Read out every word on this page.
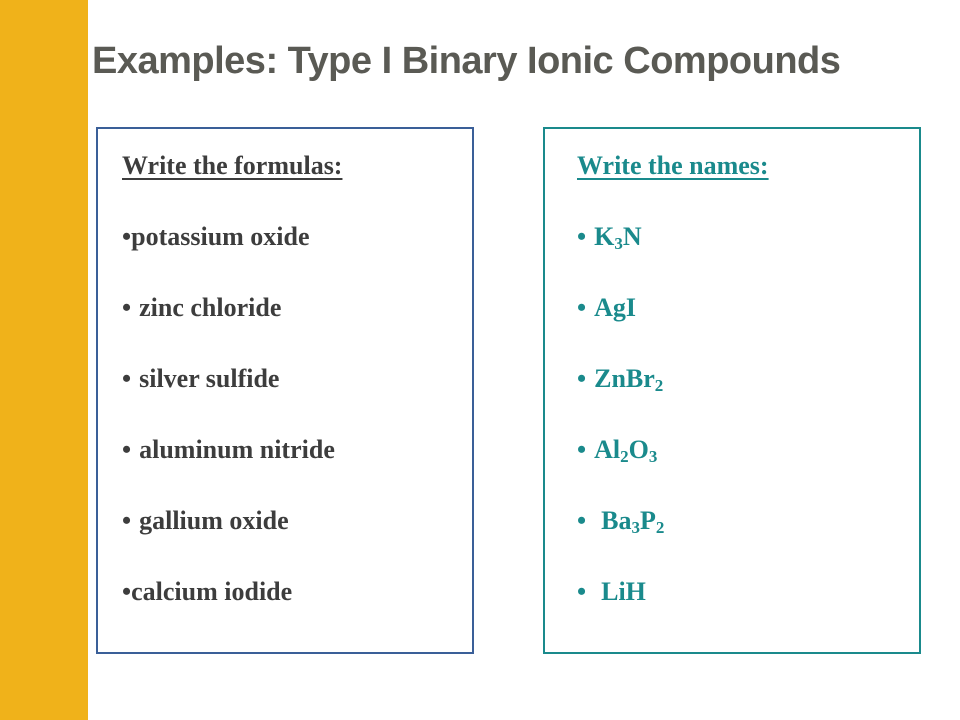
Examples: Type I Binary Ionic Compounds
Write the formulas:
•potassium oxide
• zinc chloride
• silver sulfide
• aluminum nitride
• gallium oxide
•calcium iodide
Write the names:
• $K_3N$
• AgI
• ZnBr$_2$
• $Al_2O_3$
• $Ba_3P_2$
• LiH
